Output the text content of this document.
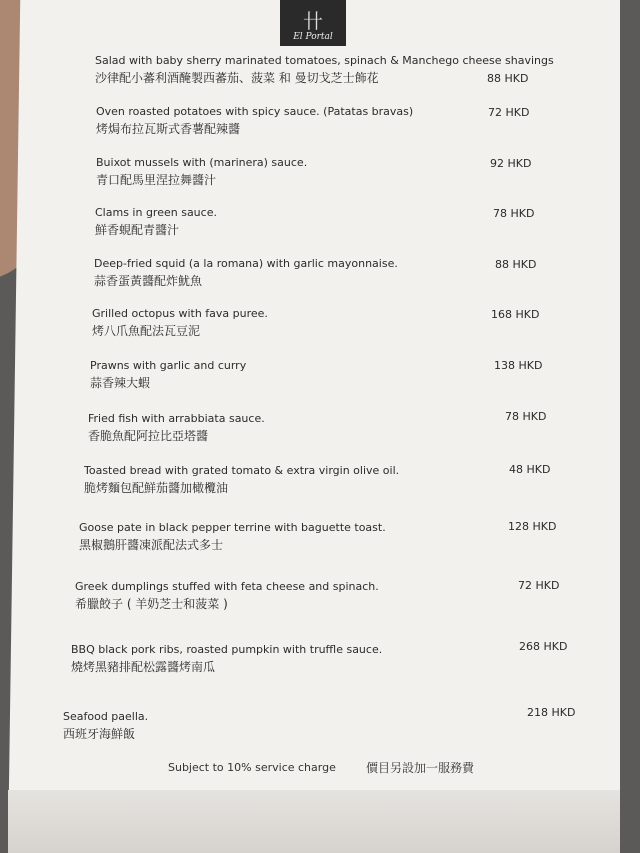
卄
El Portal
Salad with baby sherry marinated tomatoes, spinach & Manchego cheese shavings
沙律配小蕃利酒醃製西蕃茄、菠菜 和 曼切戈芝士飾花	88 HKD
Oven roasted potatoes with spicy sauce. (Patatas bravas)
烤焗布拉瓦斯式香薯配辣醬
72 HKD
Buixot mussels with (marinera) sauce.
青口配馬里涅拉舞醬汁
92 HKD
Clams in green sauce.
鮮香蜆配青醬汁
78 HKD
Deep-fried squid (a la romana) with garlic mayonnaise.
蒜香蛋黃醬配炸魷魚
88 HKD
Grilled octopus with fava puree.
烤八爪魚配法瓦豆泥
168 HKD
Prawns with garlic and curry
蒜香辣大蝦
138 HKD
Fried fish with arrabbiata sauce.
香脆魚配阿拉比亞塔醬
78 HKD
Toasted bread with grated tomato & extra virgin olive oil.
脆烤麵包配鮮茄醬加橄欖油
48 HKD
Goose pate in black pepper terrine with baguette toast.
黑椒鵝肝醬凍派配法式多士
128 HKD
Greek dumplings stuffed with feta cheese and spinach.
希臘餃子 ( 羊奶芝士和菠菜 )
72 HKD
BBQ black pork ribs, roasted pumpkin with truffle sauce.
燒烤黑豬排配松露醬烤南瓜
268 HKD
Seafood paella.
西班牙海鮮飯
218 HKD
Subject to 10% service charge	價目另設加一服務費
